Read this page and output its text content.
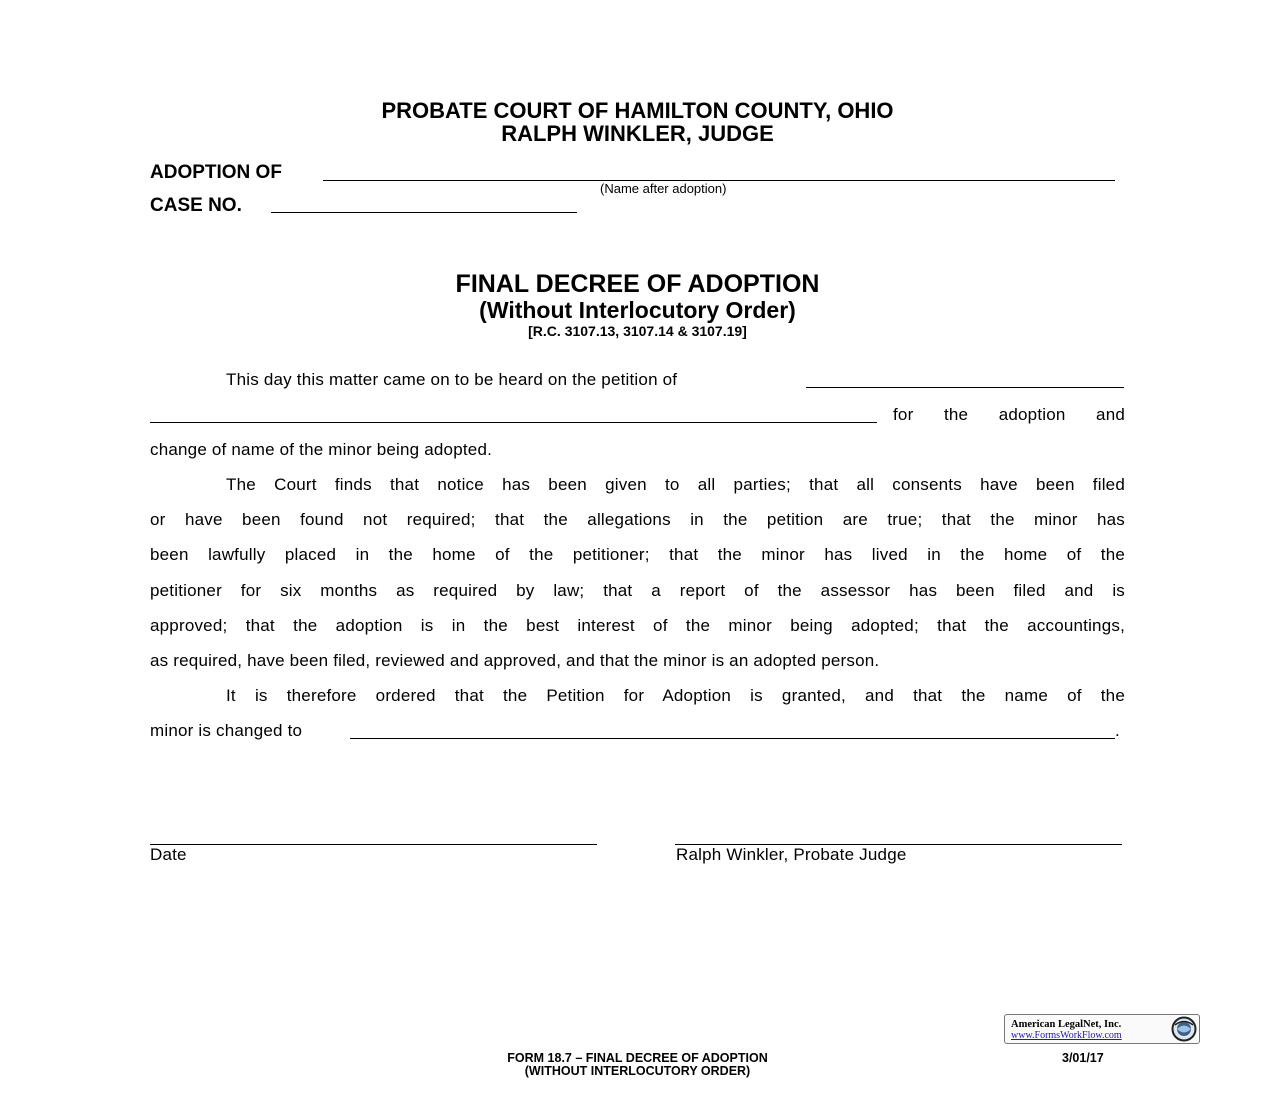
PROBATE COURT OF HAMILTON COUNTY, OHIO
RALPH WINKLER, JUDGE
ADOPTION OF
(Name after adoption)
CASE NO.
FINAL DECREE OF ADOPTION
(Without Interlocutory Order)
[R.C. 3107.13, 3107.14 & 3107.19]
This day this matter came on to be heard on the petition of
for the adoption and
change of name of the minor being adopted.
The Court finds that notice has been given to all parties; that all consents have been filed
or have been found not required; that the allegations in the petition are true; that the minor has
been lawfully placed in the home of the petitioner; that the minor has lived in the home of the
petitioner for six months as required by law; that a report of the assessor has been filed and is
approved; that the adoption is in the best interest of the minor being adopted; that the accountings,
as required, have been filed, reviewed and approved, and that the minor is an adopted person.
It is therefore ordered that the Petition for Adoption is granted, and that the name of the
minor is changed to	.
Date	Ralph Winkler, Probate Judge
American LegalNet, Inc.
www.FormsWorkFlow.com
FORM 18.7 – FINAL DECREE OF ADOPTION
(WITHOUT INTERLOCUTORY ORDER)
3/01/17
